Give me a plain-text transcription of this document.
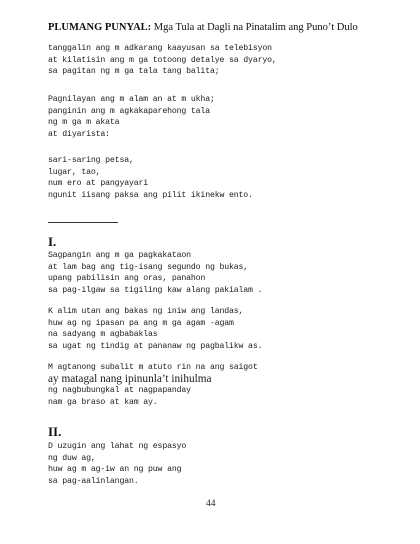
PLUMANG PUNYAL: Mga Tula at Dagli na Pinatalim ang Puno’t Dulo
tanggalin ang m adkarang kaayusan sa telebisyon
at kilatisin ang m ga totoong detalye sa dyaryo,
sa pagitan ng m ga tala tang balita;
Pagnilayan ang m alam an at m ukha;
panginin ang m agkakaparehong tala
ng m ga m akata
at diyarista:
sari-saring petsa,
lugar, tao,
num ero at pangyayari
ngunit iisang paksa ang pilit ikinekw ento.
I.
Sagpangin ang m ga pagkakataon
at lam bag ang tig-isang segundo ng bukas,
upang pabilisin ang oras, panahon
sa pag-ilgaw sa tigiling kaw alang pakialam .
K alim utan ang bakas ng iniw ang landas,
huw ag ng ipasan pa ang m ga agam -agam
na sadyang m agbabaklas
sa ugat ng tindig at pananaw ng pagbalikw as.
M agtanong subalit m atuto rin na ang saigot
ay matagal nang ipinunla’t inihulma
ng nagbubungkal at nagpapanday
nam ga braso at kam ay.
II.
D uzugin ang lahat ng espasyo
ng duw ag,
huw ag m ag-iw an ng puw ang
sa pag-aalinlangan.
44
